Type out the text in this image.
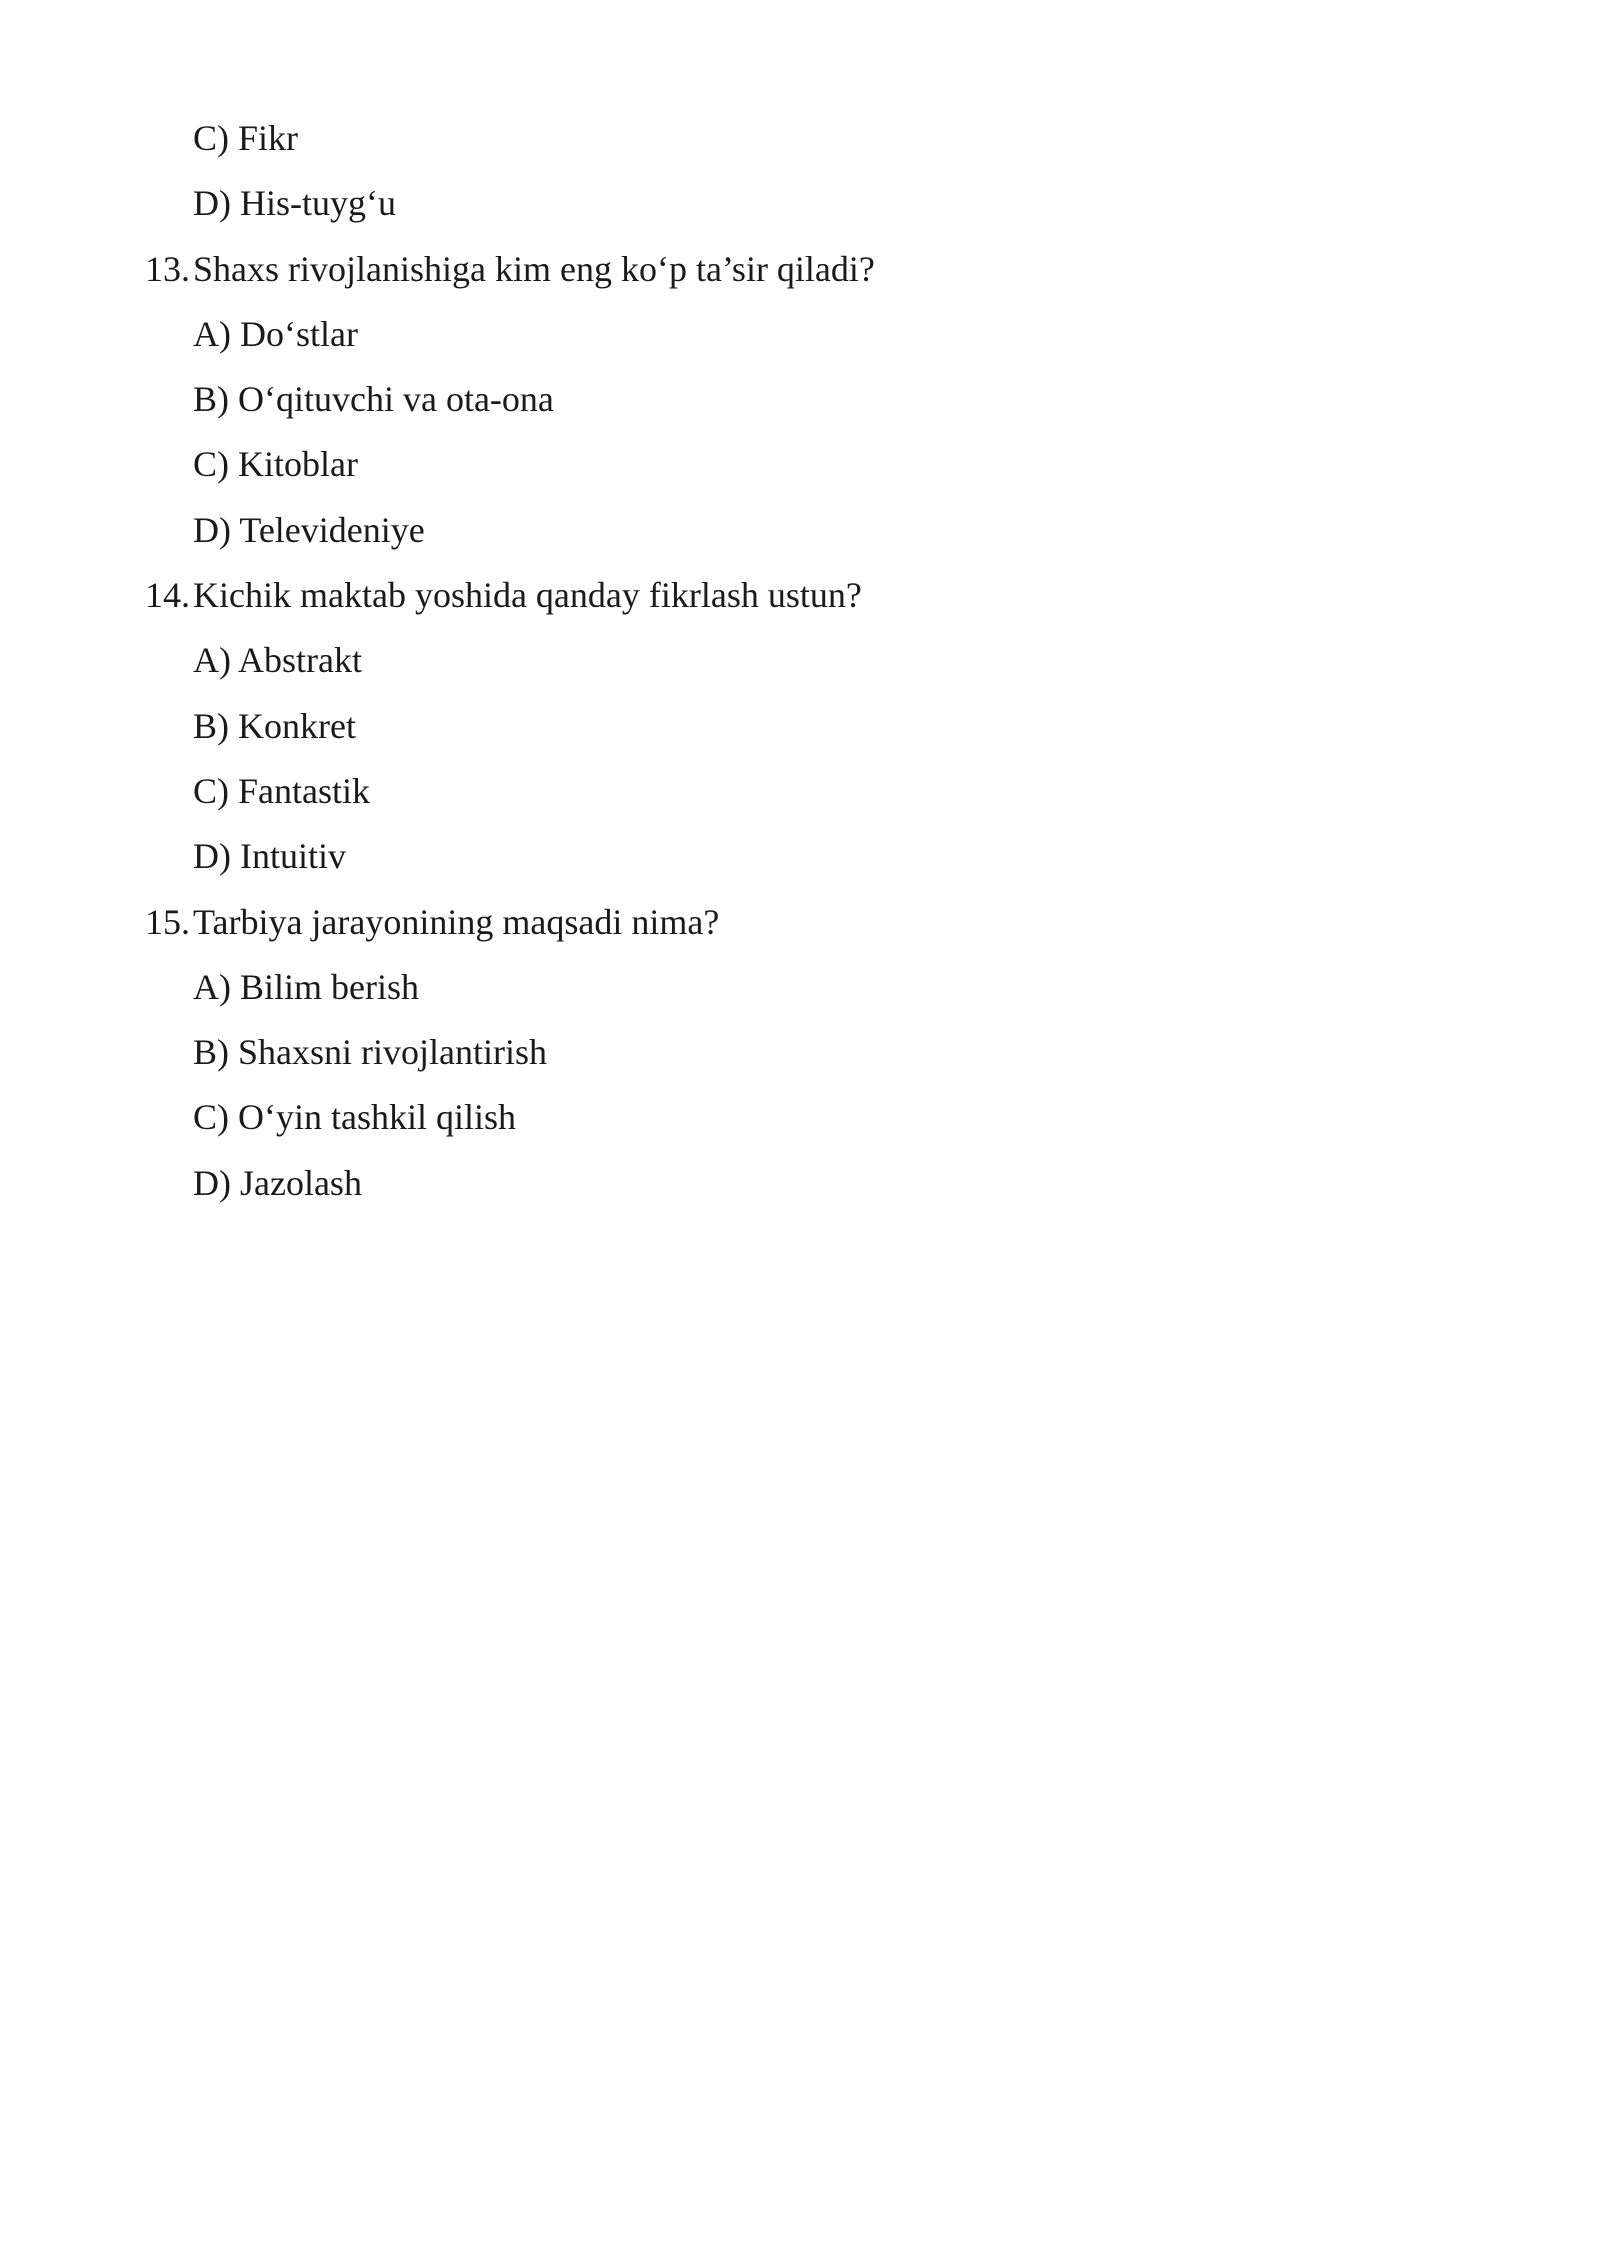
C) Fikr
D) His-tuyg‘u
13. Shaxs rivojlanishiga kim eng ko‘p ta’sir qiladi?
A) Do‘stlar
B) O‘qituvchi va ota-ona
C) Kitoblar
D) Televideniye
14. Kichik maktab yoshida qanday fikrlash ustun?
A) Abstrakt
B) Konkret
C) Fantastik
D) Intuitiv
15. Tarbiya jarayonining maqsadi nima?
A) Bilim berish
B) Shaxsni rivojlantirish
C) O‘yin tashkil qilish
D) Jazolash
